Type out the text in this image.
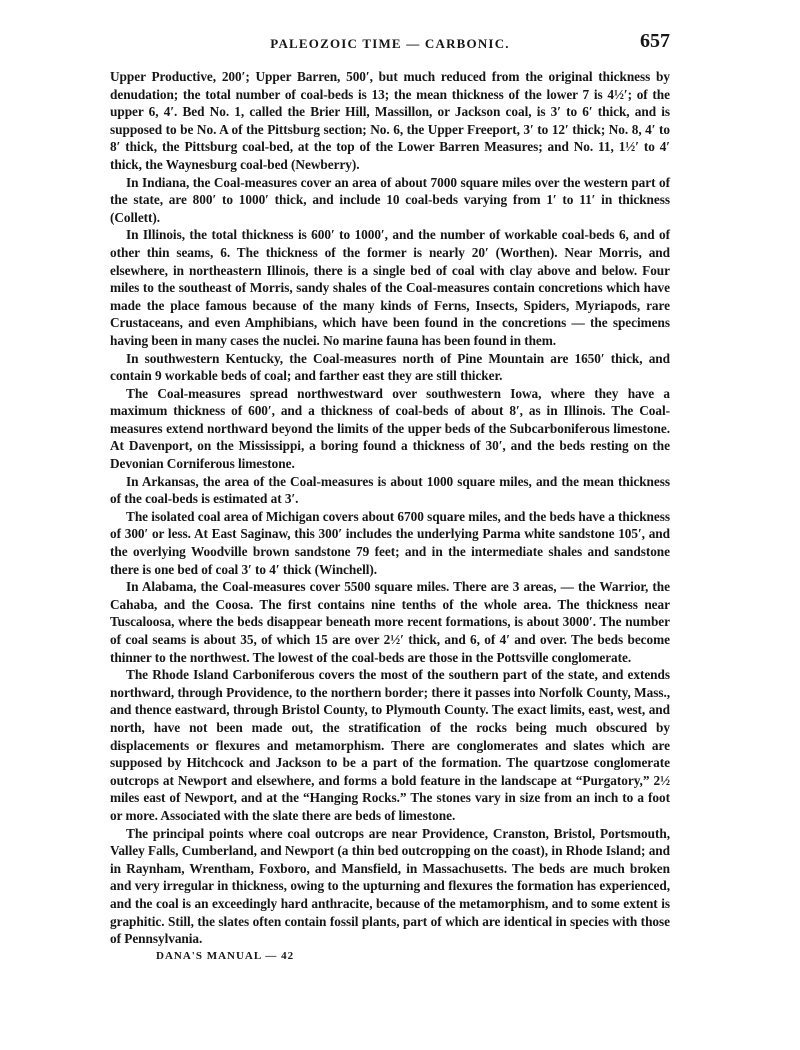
PALEOZOIC TIME — CARBONIC.	657

Upper Productive, 200′; Upper Barren, 500′, but much reduced from the original thickness by denudation; the total number of coal-beds is 13; the mean thickness of the lower 7 is 4½′; of the upper 6, 4′. Bed No. 1, called the Brier Hill, Massillon, or Jackson coal, is 3′ to 6′ thick, and is supposed to be No. A of the Pittsburg section; No. 6, the Upper Freeport, 3′ to 12′ thick; No. 8, 4′ to 8′ thick, the Pittsburg coal-bed, at the top of the Lower Barren Measures; and No. 11, 1½′ to 4′ thick, the Waynesburg coal-bed (Newberry).

In Indiana, the Coal-measures cover an area of about 7000 square miles over the western part of the state, are 800′ to 1000′ thick, and include 10 coal-beds varying from 1′ to 11′ in thickness (Collett).

In Illinois, the total thickness is 600′ to 1000′, and the number of workable coal-beds 6, and of other thin seams, 6. The thickness of the former is nearly 20′ (Worthen). Near Morris, and elsewhere, in northeastern Illinois, there is a single bed of coal with clay above and below. Four miles to the southeast of Morris, sandy shales of the Coal-measures contain concretions which have made the place famous because of the many kinds of Ferns, Insects, Spiders, Myriapods, rare Crustaceans, and even Amphibians, which have been found in the concretions — the specimens having been in many cases the nuclei. No marine fauna has been found in them.

In southwestern Kentucky, the Coal-measures north of Pine Mountain are 1650′ thick, and contain 9 workable beds of coal; and farther east they are still thicker.

The Coal-measures spread northwestward over southwestern Iowa, where they have a maximum thickness of 600′, and a thickness of coal-beds of about 8′, as in Illinois. The Coal-measures extend northward beyond the limits of the upper beds of the Subcarboniferous limestone. At Davenport, on the Mississippi, a boring found a thickness of 30′, and the beds resting on the Devonian Corniferous limestone.

In Arkansas, the area of the Coal-measures is about 1000 square miles, and the mean thickness of the coal-beds is estimated at 3′.

The isolated coal area of Michigan covers about 6700 square miles, and the beds have a thickness of 300′ or less. At East Saginaw, this 300′ includes the underlying Parma white sandstone 105′, and the overlying Woodville brown sandstone 79 feet; and in the intermediate shales and sandstone there is one bed of coal 3′ to 4′ thick (Winchell).

In Alabama, the Coal-measures cover 5500 square miles. There are 3 areas, — the Warrior, the Cahaba, and the Coosa. The first contains nine tenths of the whole area. The thickness near Tuscaloosa, where the beds disappear beneath more recent formations, is about 3000′. The number of coal seams is about 35, of which 15 are over 2½′ thick, and 6, of 4′ and over. The beds become thinner to the northwest. The lowest of the coal-beds are those in the Pottsville conglomerate.

The Rhode Island Carboniferous covers the most of the southern part of the state, and extends northward, through Providence, to the northern border; there it passes into Norfolk County, Mass., and thence eastward, through Bristol County, to Plymouth County. The exact limits, east, west, and north, have not been made out, the stratification of the rocks being much obscured by displacements or flexures and metamorphism. There are conglomerates and slates which are supposed by Hitchcock and Jackson to be a part of the formation. The quartzose conglomerate outcrops at Newport and elsewhere, and forms a bold feature in the landscape at “Purgatory,” 2½ miles east of Newport, and at the “Hanging Rocks.” The stones vary in size from an inch to a foot or more. Associated with the slate there are beds of limestone.

The principal points where coal outcrops are near Providence, Cranston, Bristol, Portsmouth, Valley Falls, Cumberland, and Newport (a thin bed outcropping on the coast), in Rhode Island; and in Raynham, Wrentham, Foxboro, and Mansfield, in Massachusetts. The beds are much broken and very irregular in thickness, owing to the upturning and flexures the formation has experienced, and the coal is an exceedingly hard anthracite, because of the metamorphism, and to some extent is graphitic. Still, the slates often contain fossil plants, part of which are identical in species with those of Pennsylvania.

DANA'S MANUAL — 42
